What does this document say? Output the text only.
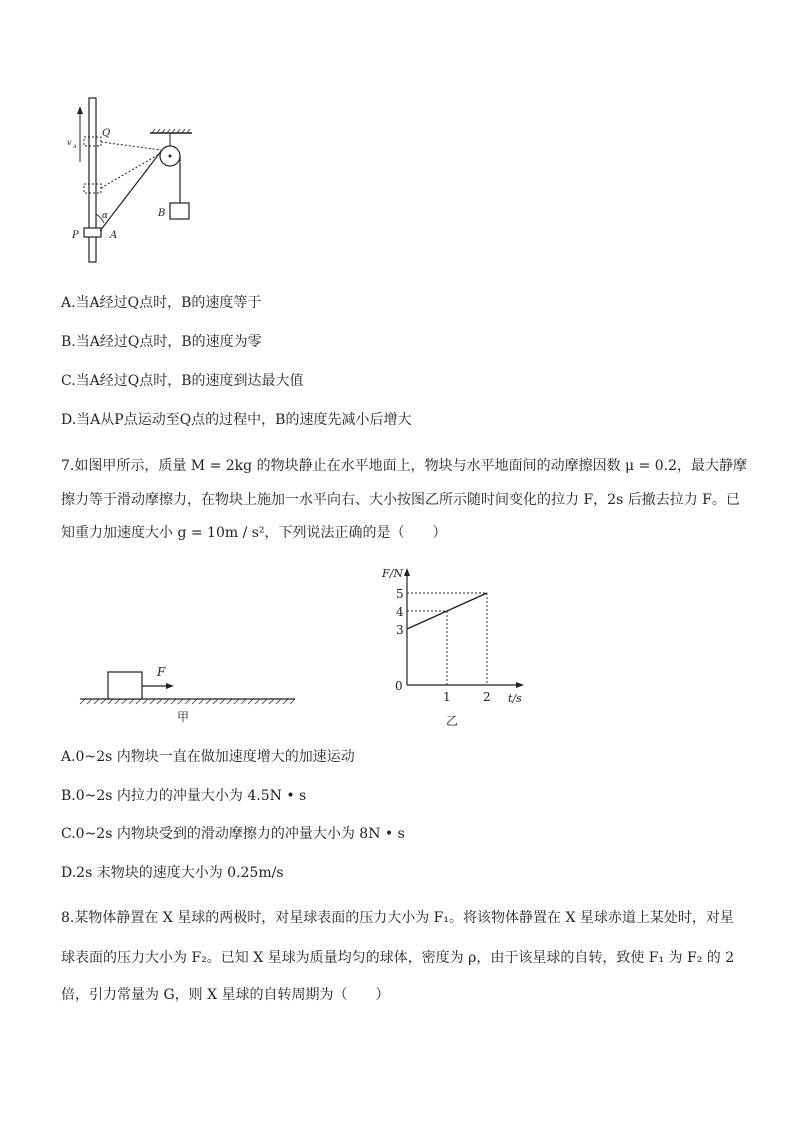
v A
Q
P	A
α	B
A.当A经过Q点时，B的速度等于
B.当A经过Q点时，B的速度为零
C.当A经过Q点时，B的速度到达最大值
D.当A从P点运动至Q点的过程中，B的速度先减小后增大
7.如图甲所示，质量 M = 2kg 的物块静止在水平地面上，物块与水平地面间的动摩擦因数 μ = 0.2，最大静摩
擦力等于滑动摩擦力，在物块上施加一水平向右、大小按图乙所示随时间变化的拉力 F，2s 后撤去拉力 F。已
知重力加速度大小 g = 10m / s²，下列说法正确的是（　　）
F
甲
F/N
t/s
0
3
4
5
1	2
乙
A.0~2s 内物块一直在做加速度增大的加速运动
B.0~2s 内拉力的冲量大小为 4.5N • s
C.0~2s 内物块受到的滑动摩擦力的冲量大小为 8N • s
D.2s 末物块的速度大小为 0.25m/s
8.某物体静置在 X 星球的两极时，对星球表面的压力大小为 F₁。将该物体静置在 X 星球赤道上某处时，对星
球表面的压力大小为 F₂。已知 X 星球为质量均匀的球体，密度为 ρ，由于该星球的自转，致使 F₁ 为 F₂ 的 2
倍，引力常量为 G，则 X 星球的自转周期为（　　）
